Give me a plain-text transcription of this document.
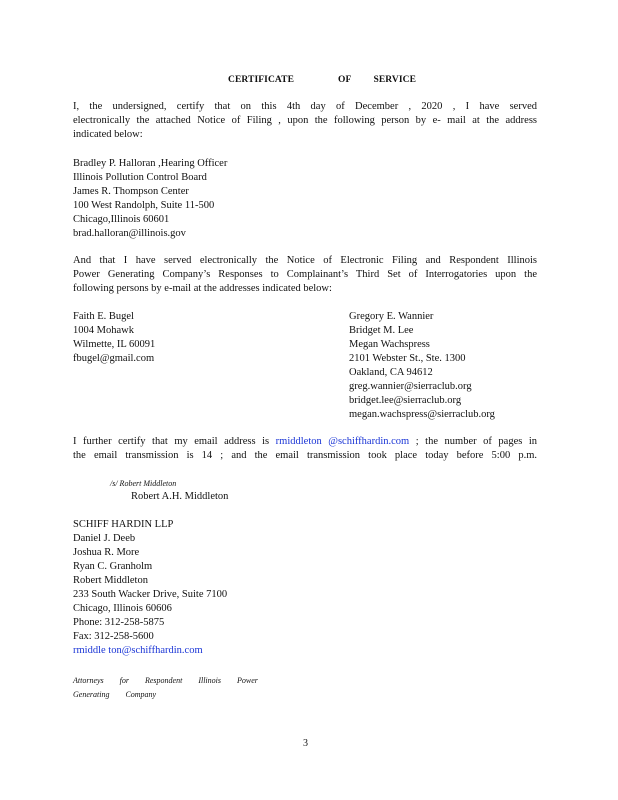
CERTIFICATE	OF SERVICE
I, the undersigned, certify that on this 4th day of December , 2020 , I have served
electronically the attached Notice of Filing , upon the following person by e- mail at the address
indicated below:
Bradley P. Halloran ,Hearing Officer
Illinois Pollution Control Board
James R. Thompson Center
100 West Randolph, Suite 11-500
Chicago,Illinois 60601
brad.halloran@illinois.gov
And that I have served electronically the Notice of Electronic Filing and Respondent Illinois
Power Generating Company’s Responses to Complainant’s Third Set of Interrogatories upon the
following persons by e-mail at the addresses indicated below:
Faith E. Bugel
1004 Mohawk
Wilmette, IL 60091
fbugel@gmail.com
Gregory E. Wannier
Bridget M. Lee
Megan Wachspress
2101 Webster St., Ste. 1300
Oakland, CA 94612
greg.wannier@sierraclub.org
bridget.lee@sierraclub.org
megan.wachspress@sierraclub.org
I further certify that my email address is rmiddleton @schiffhardin.com ; the number of pages in
the email transmission is 14 ; and the email transmission took place today before 5:00 p.m.
/s/ Robert Middleton
Robert A.H. Middleton
SCHIFF HARDIN LLP
Daniel J. Deeb
Joshua R. More
Ryan C. Granholm
Robert Middleton
233 South Wacker Drive, Suite 7100
Chicago, Illinois 60606
Phone: 312-258-5875
Fax: 312-258-5600
rmiddle ton@schiffhardin.com
Attorneys for Respondent Illinois Power
Generating Company
3
